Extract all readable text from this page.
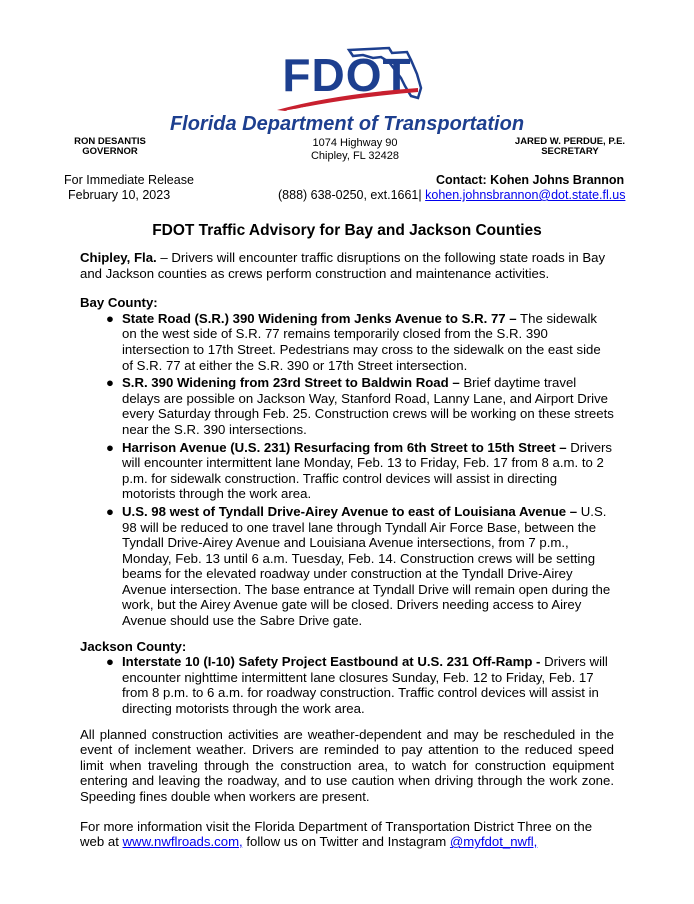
FDOT
Florida Department of Transportation
RON DESANTIS
GOVERNOR
1074 Highway 90
Chipley, FL 32428
JARED W. PERDUE, P.E.
SECRETARY
For Immediate Release
February 10, 2023
Contact: Kohen Johns Brannon
(888) 638-0250, ext.1661| kohen.johnsbrannon@dot.state.fl.us
FDOT Traffic Advisory for Bay and Jackson Counties

Chipley, Fla. – Drivers will encounter traffic disruptions on the following state roads in Bay and Jackson counties as crews perform construction and maintenance activities.

Bay County:
● State Road (S.R.) 390 Widening from Jenks Avenue to S.R. 77 – The sidewalk on the west side of S.R. 77 remains temporarily closed from the S.R. 390 intersection to 17th Street. Pedestrians may cross to the sidewalk on the east side of S.R. 77 at either the S.R. 390 or 17th Street intersection.
● S.R. 390 Widening from 23rd Street to Baldwin Road – Brief daytime travel delays are possible on Jackson Way, Stanford Road, Lanny Lane, and Airport Drive every Saturday through Feb. 25. Construction crews will be working on these streets near the S.R. 390 intersections.
● Harrison Avenue (U.S. 231) Resurfacing from 6th Street to 15th Street – Drivers will encounter intermittent lane Monday, Feb. 13 to Friday, Feb. 17 from 8 a.m. to 2 p.m. for sidewalk construction. Traffic control devices will assist in directing motorists through the work area.
● U.S. 98 west of Tyndall Drive-Airey Avenue to east of Louisiana Avenue – U.S. 98 will be reduced to one travel lane through Tyndall Air Force Base, between the Tyndall Drive-Airey Avenue and Louisiana Avenue intersections, from 7 p.m., Monday, Feb. 13 until 6 a.m. Tuesday, Feb. 14. Construction crews will be setting beams for the elevated roadway under construction at the Tyndall Drive-Airey Avenue intersection. The base entrance at Tyndall Drive will remain open during the work, but the Airey Avenue gate will be closed. Drivers needing access to Airey Avenue should use the Sabre Drive gate.
Jackson County:
● Interstate 10 (I-10) Safety Project Eastbound at U.S. 231 Off-Ramp - Drivers will encounter nighttime intermittent lane closures Sunday, Feb. 12 to Friday, Feb. 17 from 8 p.m. to 6 a.m. for roadway construction. Traffic control devices will assist in directing motorists through the work area.

All planned construction activities are weather-dependent and may be rescheduled in the event of inclement weather. Drivers are reminded to pay attention to the reduced speed limit when traveling through the construction area, to watch for construction equipment entering and leaving the roadway, and to use caution when driving through the work zone. Speeding fines double when workers are present.

For more information visit the Florida Department of Transportation District Three on the web at www.nwflroads.com, follow us on Twitter and Instagram @myfdot_nwfl,
